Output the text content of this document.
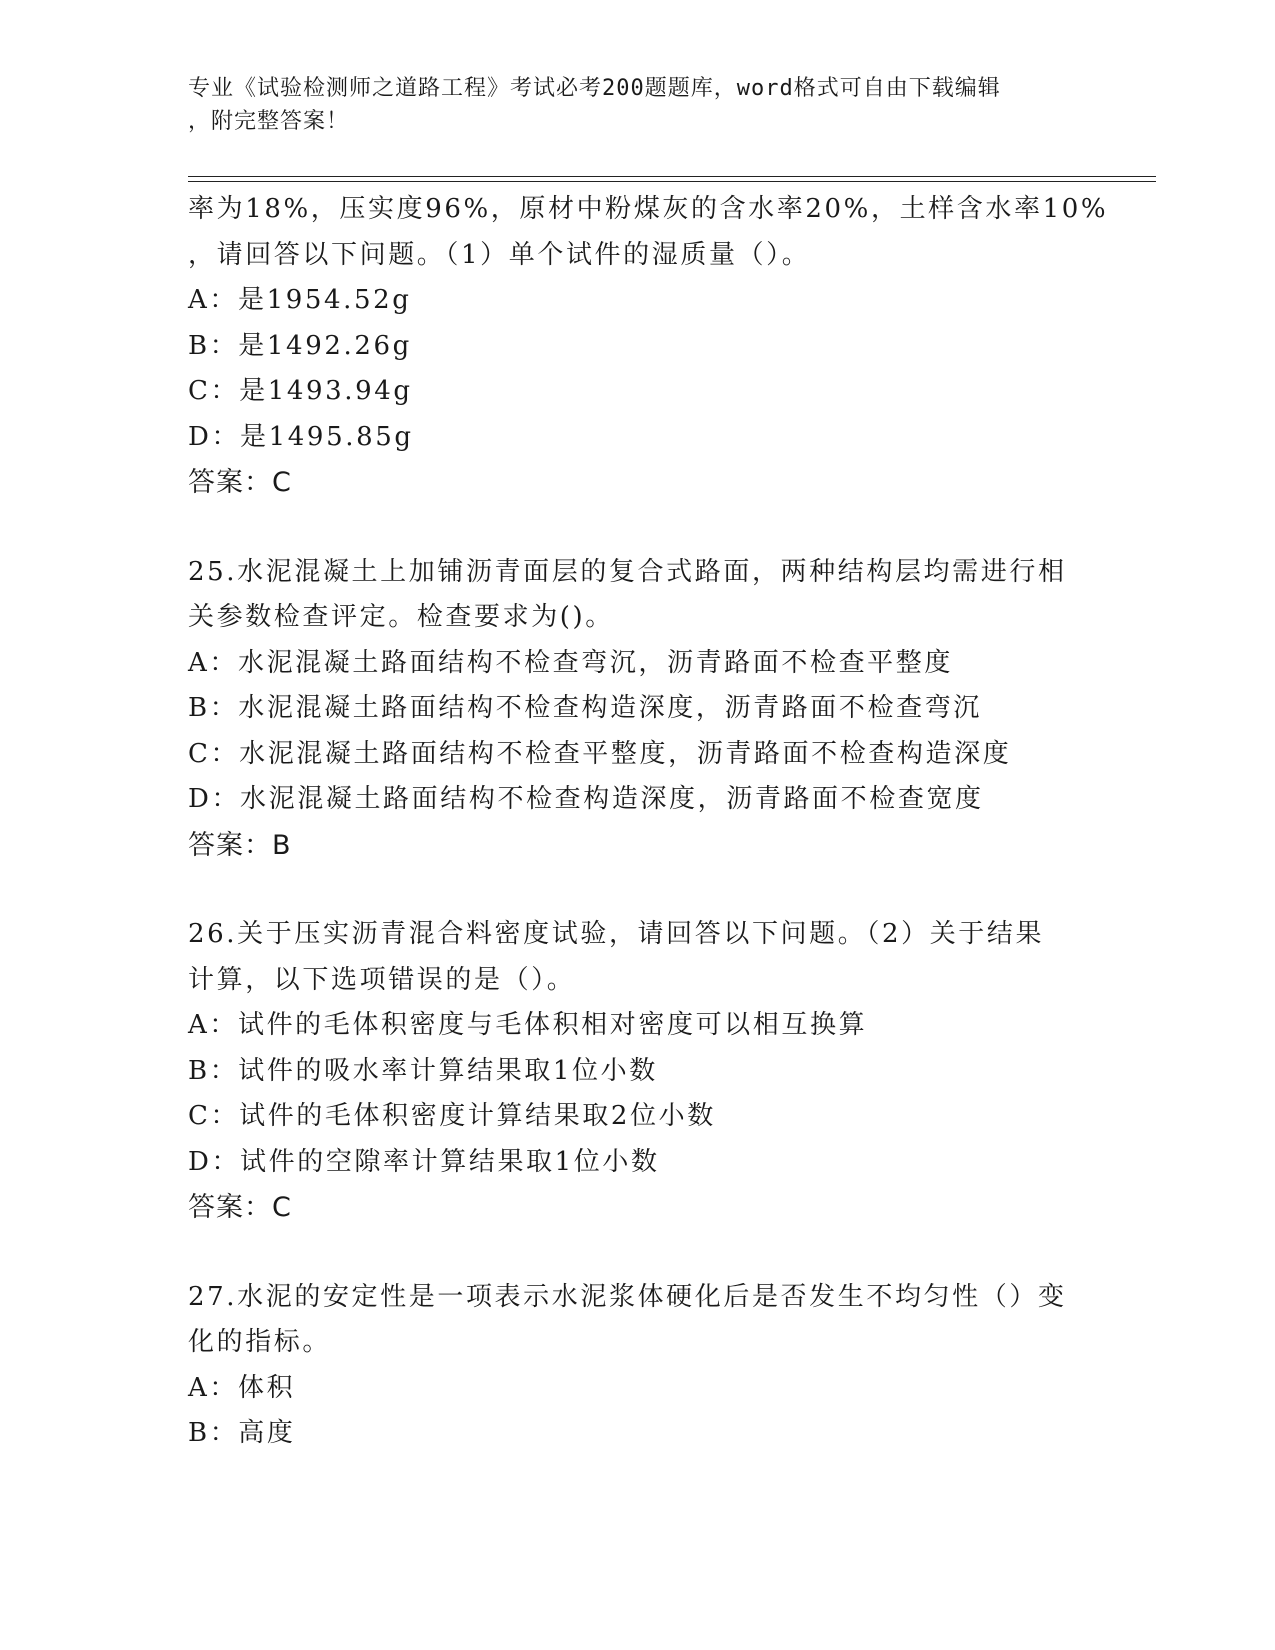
专业《试验检测师之道路工程》考试必考200题题库，word格式可自由下载编辑
，附完整答案！
率为18%，压实度96%，原材中粉煤灰的含水率20%，土样含水率10%
，请回答以下问题。（1）单个试件的湿质量（）。
A：是1954.52g
B：是1492.26g
C：是1493.94g
D：是1495.85g
答案：C
25.水泥混凝土上加铺沥青面层的复合式路面，两种结构层均需进行相
关参数检查评定。检查要求为()。
A：水泥混凝土路面结构不检查弯沉，沥青路面不检查平整度
B：水泥混凝土路面结构不检查构造深度，沥青路面不检查弯沉
C：水泥混凝土路面结构不检查平整度，沥青路面不检查构造深度
D：水泥混凝土路面结构不检查构造深度，沥青路面不检查宽度
答案：B
26.关于压实沥青混合料密度试验，请回答以下问题。（2）关于结果
计算，以下选项错误的是（）。
A：试件的毛体积密度与毛体积相对密度可以相互换算
B：试件的吸水率计算结果取1位小数
C：试件的毛体积密度计算结果取2位小数
D：试件的空隙率计算结果取1位小数
答案：C
27.水泥的安定性是一项表示水泥浆体硬化后是否发生不均匀性（）变
化的指标。
A：体积
B：高度
